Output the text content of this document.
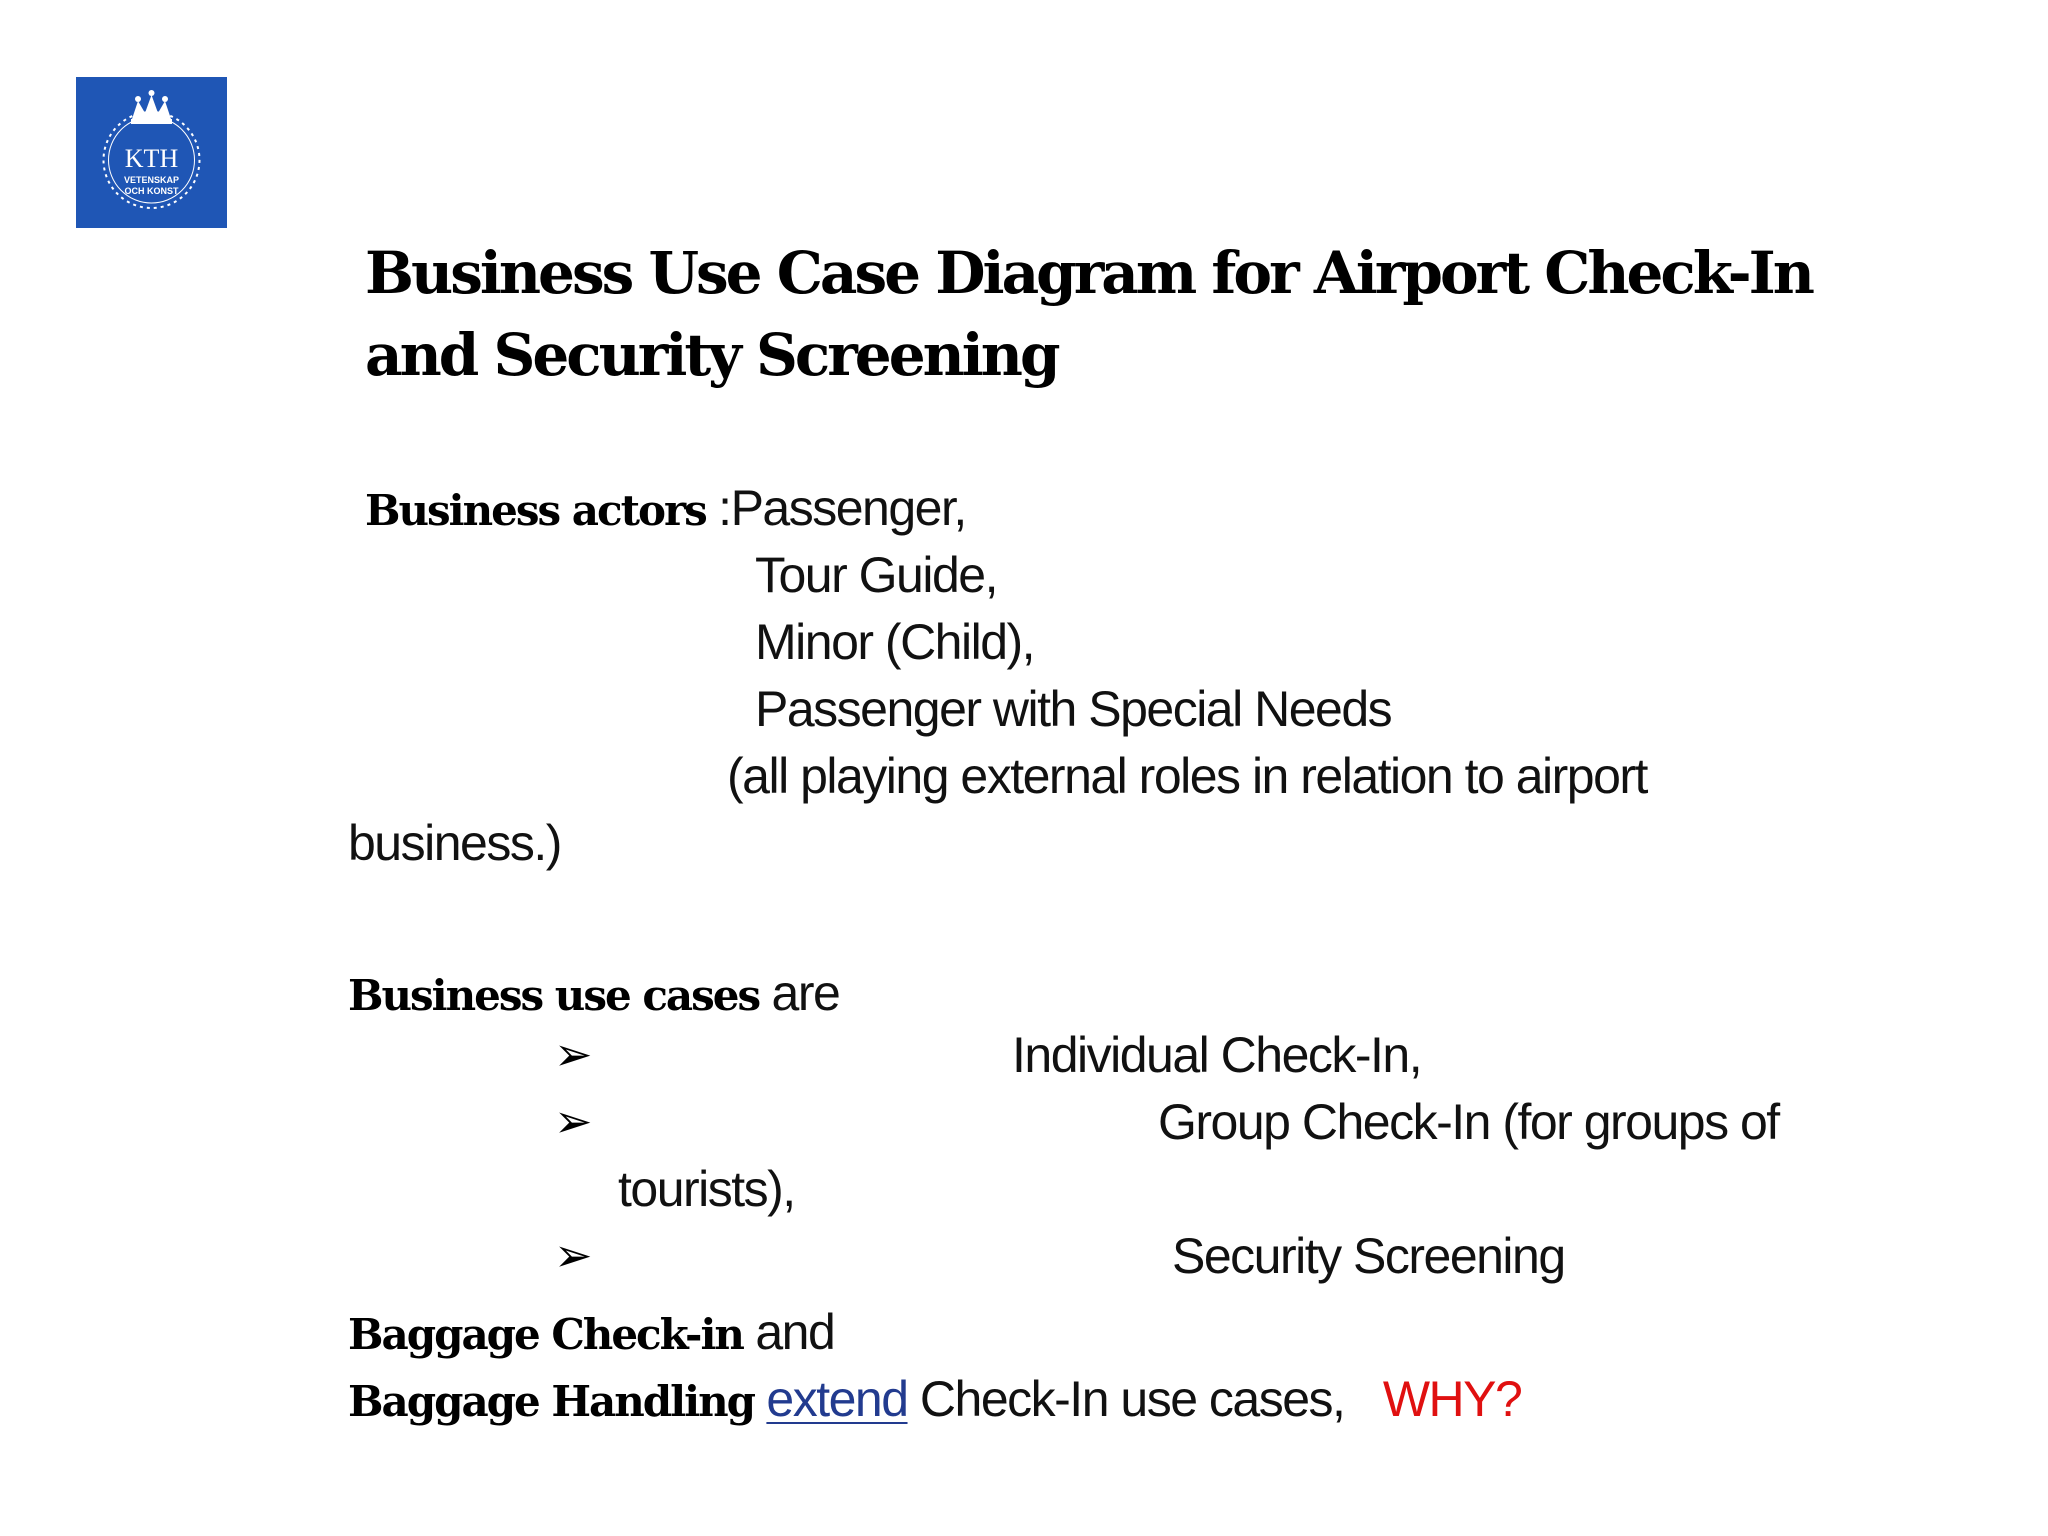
KTH
VETENSKAP
OCH KONST
Business Use Case Diagram for Airport Check-In and Security Screening
Business actors :Passenger,
Tour Guide,
Minor (Child),
Passenger with Special Needs
(all playing external roles in relation to airport
business.)
Business use cases are
➢	Individual Check-In,
➢	Group Check-In (for groups of
tourists),
➢	Security Screening
Baggage Check-in and
Baggage Handling extend Check-In use cases, WHY?
